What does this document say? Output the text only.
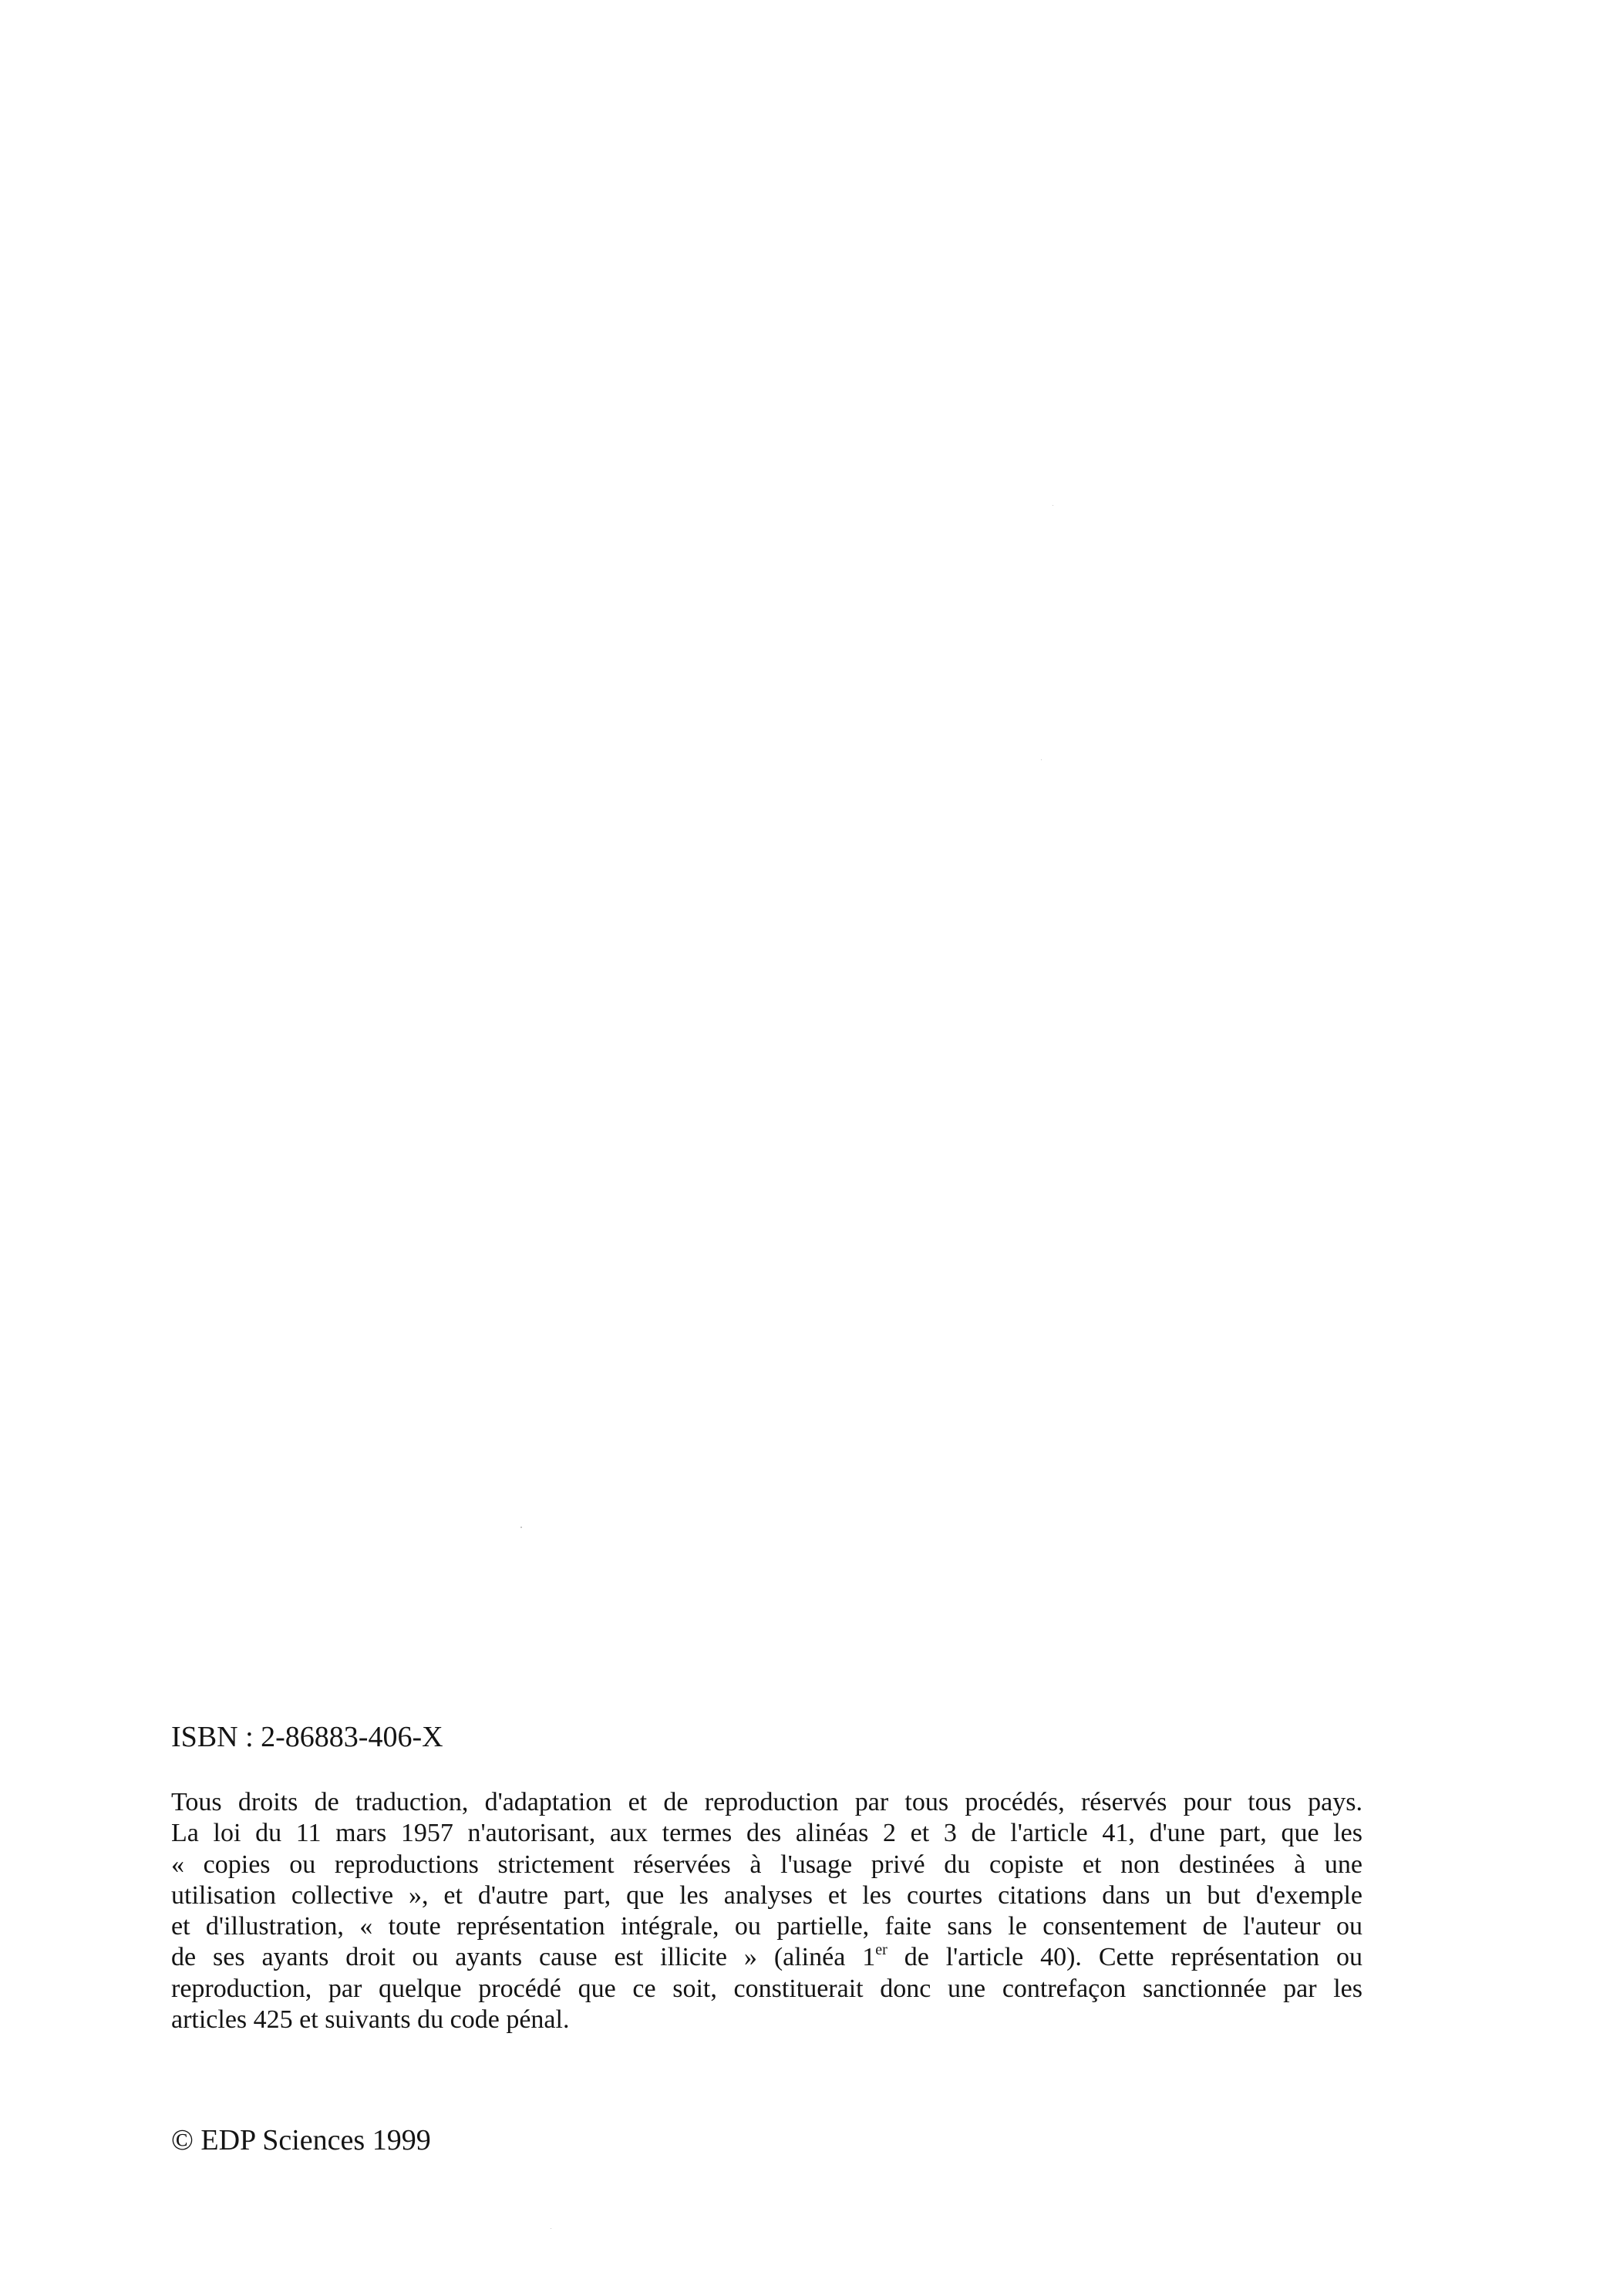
ISBN : 2-86883-406-X
Tous droits de traduction, d'adaptation et de reproduction par tous procédés, réservés pour tous pays.
La loi du 11 mars 1957 n'autorisant, aux termes des alinéas 2 et 3 de l'article 41, d'une part, que les
« copies ou reproductions strictement réservées à l'usage privé du copiste et non destinées à une
utilisation collective », et d'autre part, que les analyses et les courtes citations dans un but d'exemple
et d'illustration, « toute représentation intégrale, ou partielle, faite sans le consentement de l'auteur ou
de ses ayants droit ou ayants cause est illicite » (alinéa 1er de l'article 40). Cette représentation ou
reproduction, par quelque procédé que ce soit, constituerait donc une contrefaçon sanctionnée par les
articles 425 et suivants du code pénal.
© EDP Sciences 1999
